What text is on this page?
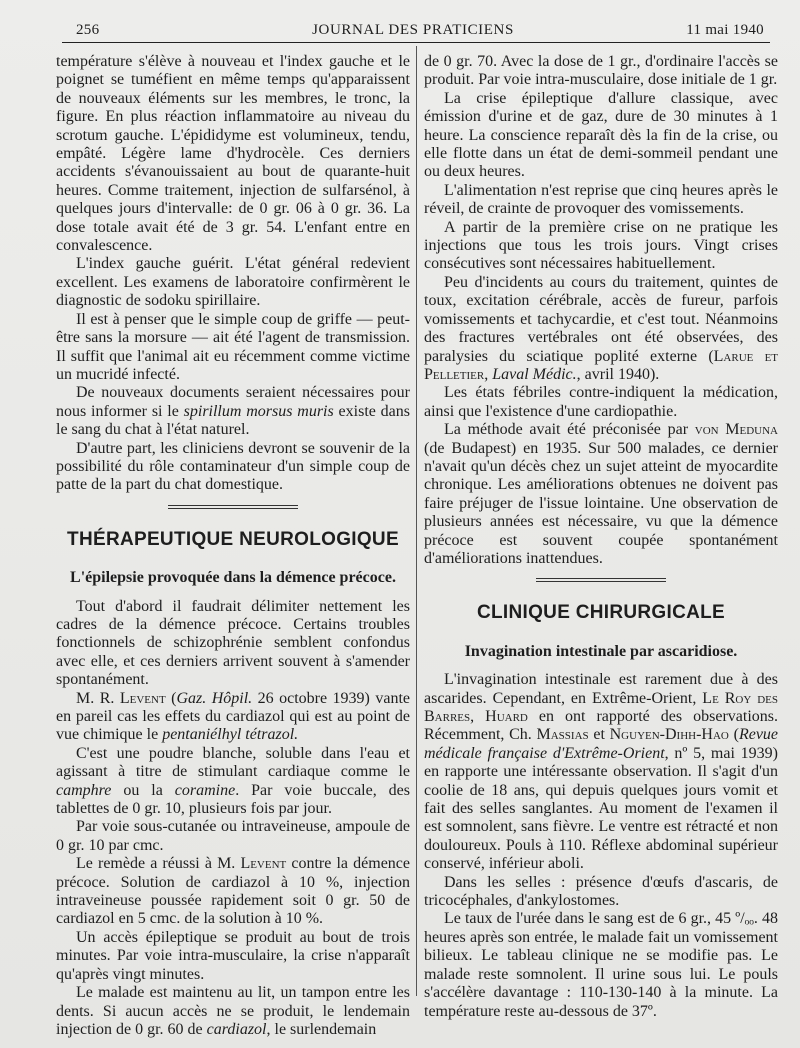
256	JOURNAL DES PRATICIENS	11 mai 1940

température s'élève à nouveau et l'index gauche et le poignet se tuméfient en même temps qu'apparaissent de nouveaux éléments sur les membres, le tronc, la figure. En plus réaction inflammatoire au niveau du scrotum gauche. L'épididyme est volumineux, tendu, empâté. Légère lame d'hydrocèle. Ces derniers accidents s'évanouissaient au bout de quarante-huit heures. Comme traitement, injection de sulfarsénol, à quelques jours d'intervalle: de 0 gr. 06 à 0 gr. 36. La dose totale avait été de 3 gr. 54. L'enfant entre en convalescence.

L'index gauche guérit. L'état général redevient excellent. Les examens de laboratoire confirmèrent le diagnostic de sodoku spirillaire.

Il est à penser que le simple coup de griffe — peut-être sans la morsure — ait été l'agent de transmission. Il suffit que l'animal ait eu récemment comme victime un mucridé infecté.

De nouveaux documents seraient nécessaires pour nous informer si le spirillum morsus muris existe dans le sang du chat à l'état naturel.

D'autre part, les cliniciens devront se souvenir de la possibilité du rôle contaminateur d'un simple coup de patte de la part du chat domestique.

THÉRAPEUTIQUE NEUROLOGIQUE
L'épilepsie provoquée dans la démence précoce.

Tout d'abord il faudrait délimiter nettement les cadres de la démence précoce. Certains troubles fonctionnels de schizophrénie semblent confondus avec elle, et ces derniers arrivent souvent à s'amender spontanément.

M. R. Levent (Gaz. Hôpil. 26 octobre 1939) vante en pareil cas les effets du cardiazol qui est au point de vue chimique le pentaniélhyl tétrazol.

C'est une poudre blanche, soluble dans l'eau et agissant à titre de stimulant cardiaque comme le camphre ou la coramine. Par voie buccale, des tablettes de 0 gr. 10, plusieurs fois par jour.

Par voie sous-cutanée ou intraveineuse, ampoule de 0 gr. 10 par cmc.

Le remède a réussi à M. Levent contre la démence précoce. Solution de cardiazol à 10 %, injection intraveineuse poussée rapidement soit 0 gr. 50 de cardiazol en 5 cmc. de la solution à 10 %.

Un accès épileptique se produit au bout de trois minutes. Par voie intra-musculaire, la crise n'apparaît qu'après vingt minutes.

Le malade est maintenu au lit, un tampon entre les dents. Si aucun accès ne se produit, le lendemain injection de 0 gr. 60 de cardiazol, le surlendemain

de 0 gr. 70. Avec la dose de 1 gr., d'ordinaire l'accès se produit. Par voie intra-musculaire, dose initiale de 1 gr.

La crise épileptique d'allure classique, avec émission d'urine et de gaz, dure de 30 minutes à 1 heure. La conscience reparaît dès la fin de la crise, ou elle flotte dans un état de demi-sommeil pendant une ou deux heures.

L'alimentation n'est reprise que cinq heures après le réveil, de crainte de provoquer des vomissements.

A partir de la première crise on ne pratique les injections que tous les trois jours. Vingt crises consécutives sont nécessaires habituellement.

Peu d'incidents au cours du traitement, quintes de toux, excitation cérébrale, accès de fureur, parfois vomissements et tachycardie, et c'est tout. Néanmoins des fractures vertébrales ont été observées, des paralysies du sciatique poplité externe (Larue et Pelletier, Laval Médic., avril 1940).

Les états fébriles contre-indiquent la médication, ainsi que l'existence d'une cardiopathie.

La méthode avait été préconisée par von Meduna (de Budapest) en 1935. Sur 500 malades, ce dernier n'avait qu'un décès chez un sujet atteint de myocardite chronique. Les améliorations obtenues ne doivent pas faire préjuger de l'issue lointaine. Une observation de plusieurs années est nécessaire, vu que la démence précoce est souvent coupée spontanément d'améliorations inattendues.

CLINIQUE CHIRURGICALE
Invagination intestinale par ascaridiose.

L'invagination intestinale est rarement due à des ascarides. Cependant, en Extrême-Orient, Le Roy des Barres, Huard en ont rapporté des observations. Récemment, Ch. Massias et Nguyen-Dihh-Hao (Revue médicale française d'Extrême-Orient, nº 5, mai 1939) en rapporte une intéressante observation. Il s'agit d'un coolie de 18 ans, qui depuis quelques jours vomit et fait des selles sanglantes. Au moment de l'examen il est somnolent, sans fièvre. Le ventre est rétracté et non douloureux. Pouls à 110. Réflexe abdominal supérieur conservé, inférieur aboli.

Dans les selles : présence d'œufs d'ascaris, de tricocéphales, d'ankylostomes.

Le taux de l'urée dans le sang est de 6 gr., 45 º/ₒₒ. 48 heures après son entrée, le malade fait un vomissement bilieux. Le tableau clinique ne se modifie pas. Le malade reste somnolent. Il urine sous lui. Le pouls s'accélère davantage : 110-130-140 à la minute. La température reste au-dessous de 37º.
